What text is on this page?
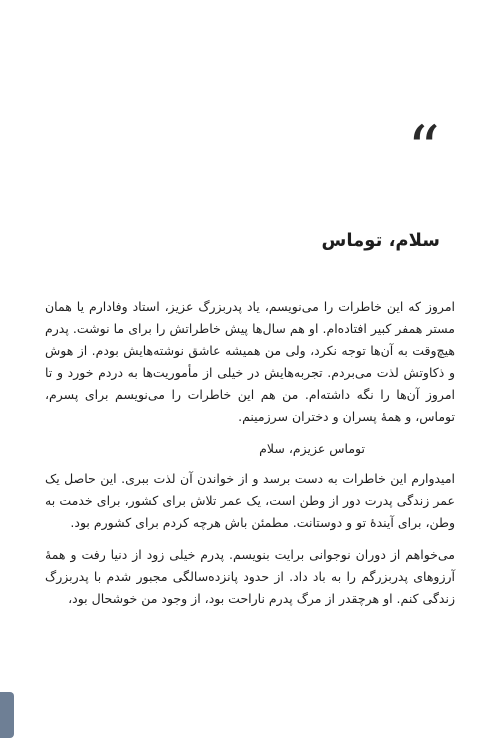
“
سلام، توماس

امروز که این خاطرات را می‌نویسم، یاد پدربزرگ عزیز، استاد وفادارم یا همان مستر همفر کبیر افتاده‌ام. او هم سال‌ها پیش خاطراتش را برای ما نوشت. پدرم هیچ‌وقت به آن‌ها توجه نکرد، ولی من همیشه عاشق نوشته‌هایش بودم. از هوش و ذکاوتش لذت می‌بردم. تجربه‌هایش در خیلی از مأموریت‌ها به دردم خورد و تا امروز آن‌ها را نگه داشته‌ام. من هم این خاطرات را می‌نویسم برای پسرم، توماس، و همهٔ پسران و دختران سرزمینم.

توماس عزیزم، سلام

امیدوارم این خاطرات به دست برسد و از خواندن آن لذت ببری. این حاصل یک عمر زندگی پدرت دور از وطن است، یک عمر تلاش برای کشور، برای خدمت به وطن، برای آیندهٔ تو و دوستانت. مطمئن باش هرچه کردم برای کشورم بود.

می‌خواهم از دوران نوجوانی برایت بنویسم. پدرم خیلی زود از دنیا رفت و همهٔ آرزوهای پدربزرگم را به باد داد. از حدود پانزده‌سالگی مجبور شدم با پدربزرگ زندگی کنم. او هرچقدر از مرگ پدرم ناراحت بود، از وجود من خوشحال بود،
